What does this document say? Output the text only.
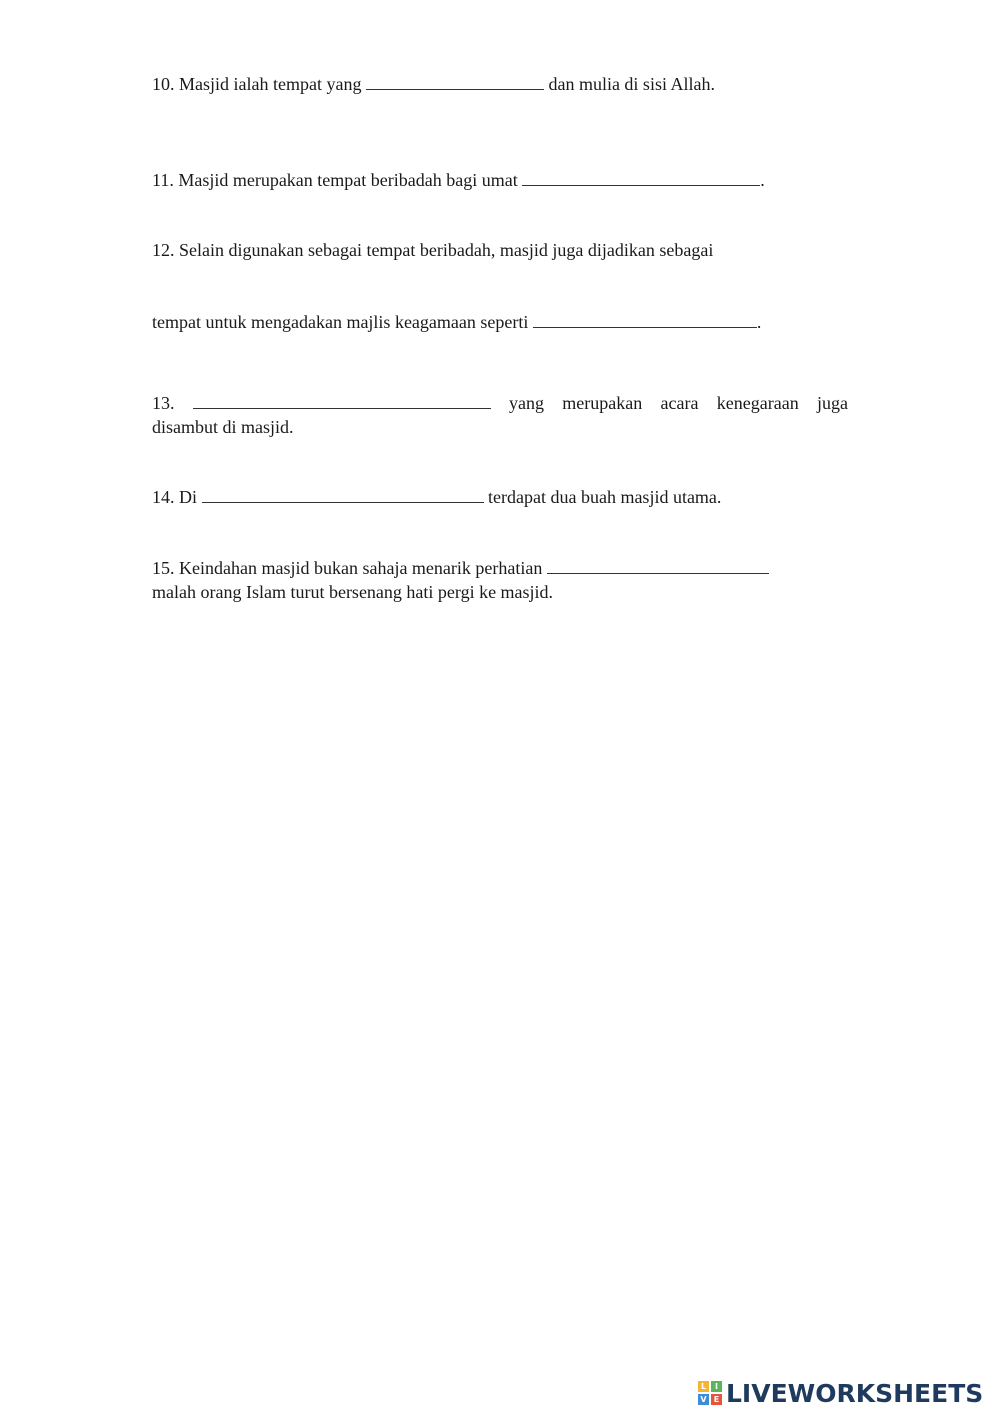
10. Masjid ialah tempat yang	dan mulia di sisi Allah.
11. Masjid merupakan tempat beribadah bagi umat	.
12. Selain digunakan sebagai tempat beribadah, masjid juga dijadikan sebagai
tempat untuk mengadakan majlis keagamaan seperti	.
13.	yang merupakan acara kenegaraan juga
disambut di masjid.
14. Di	terdapat dua buah masjid utama.
15. Keindahan masjid bukan sahaja menarik perhatian
malah orang Islam turut bersenang hati pergi ke masjid.
L	I
V E LIVEWORKSHEETS
